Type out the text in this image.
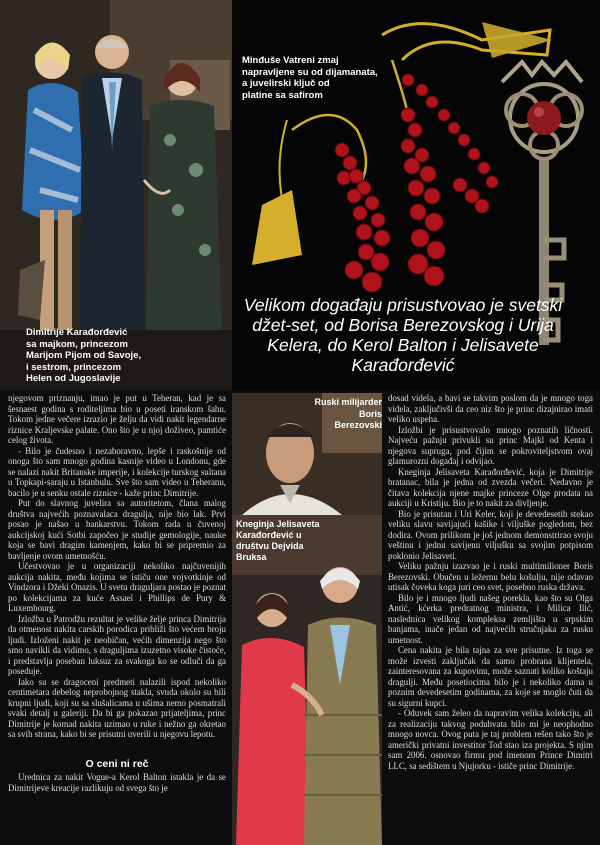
Dimitrije Karađorđević
sa majkom, princezom
Marijom Pijom od Savoje,
i sestrom, princezom
Helen od Jugoslavije
Minđuše Vatreni zmaj
napravljene su od dijamanata,
a juvelirski ključ od
platine sa safirom
Velikom događaju prisustvovao je svetski džet-set, od Borisa Berezovskog i Urija Kelera, do Kerol Balton i Jelisavete Karađorđević

njegovom priznanju, imao je put u Teheran, kad je sa šesnaest godina s roditeljima bio u poseti iranskom šahu. Tokom jedne večere izrazio je želju da vidi nakit legendarne riznice Kraljevske palate. Ono što je u njoj doživeo, pamtiće celog života.

- Bilo je čudesno i nezaboravno, lepše i raskošnije od onoga što sam mnogo godina kasnije video u Londonu, gde se nalazi nakit Britanske imperije, i kolekcije turskog sultana u Topkapi-saraju u Istanbulu. Sve što sam video u Teheranu, bacilo je u senku ostale riznice - kaže princ Dimitrije.

Put do slavnog juvelira sa autoritetom, člana malog društva najvećih poznavalaca dragulja, nije bio lak. Prvi posao je našao u bankarstvu. Tokom rada u čuvenoj aukcijskoj kući Sotbi započeo je studije gemologije, nauke koja se bavi dragim kamenjem, kako bi se pripremio za bavljenje ovom umetnošću.

Učestvovao je u organizaciji nekoliko najčuvenijih aukcija nakita, među kojima se ističu one vojvotkinje od Vindzora i Džeki Onazis. U svetu draguljara postao je poznat po kolekcijama za kuće Assael i Phillips de Pury & Luxembourg.

Izložba u Patrodžu rezultat je velike želje princa Dimitrija da otmenost nakita carskih porodica približi što većem broju ljudi. Izloženi nakit je neobičan, većih dimenzija nego što smo navikli da vidimo, s draguljima izuzetno visoke čistoće, i predstavlja poseban luksuz za svakoga ko se odluči da ga poseduje.

Iako su se dragoceni predmeti nalazili ispod nekoliko centimetara debelog neprobojnog stakla, svuda okolo su bili krupni ljudi, koji su sa slušalicama u ušima nemo posmatrali svaki detalj u galeriji. Da bi ga pokazao prijateljima, princ Dimitrije je komad nakita uzimao u ruke i nežno ga okretao sa svih strana, kako bi se prisutni uverili u njegovu lepotu.

O ceni ni reč

Urednica za nakit Vogue-a Kerol Balton istakla je da se Dimitrijeve kreacije razlikuju od svega što je

Ruski milijarder
Boris Berezovski
Kneginja Jelisaveta
Karađorđević u
društvu Dejvida
Bruksa

dosad videla, a bavi se takvim poslom da je mnogo toga videla, zaključivši da ceo niz što je princ dizajnirao imati veliko uspeha.

Izložbi je prisustvovalo mnogo poznatih ličnosti. Najveću pažnju privukli su princ Majkl od Kenta i njegova supruga, pod čijim se pokroviteljstvom ovaj glamurozni događaj i odvijao.

Kneginja Jelisaveta Karađorđević, koja je Dimitrije bratanac, bila je jedna od zvezda večeri. Nedavno je čitava kolekcija njene majke princeze Olge prodata na aukciji u Kristiju. Bio je to nakit za divljenje.

Bio je prisutan i Uri Keler, koji je devedesetih stekao veliku slavu savijajući kašike i viljuške pogledom, bez dodira. Ovom prilikom je još jednom demonstrirao svoju veštinu i jednu savijenu viljušku sa svojim potpisom poklonio Jelisaveti.

Veliku pažnju izazvao je i ruski multimilioner Boris Berezovski. Obučen u ležernu belu košulju, nije odavao utisak čoveka koga juri ceo svet, posebno ruska država.

Bilo je i mnogo ljudi našeg porekla, kao što su Olga Antić, kćerka predratnog ministra, i Milica Ilić, naslednica velikog kompleksa zemljišta u srpskim banjama, inače jedan od najvećih stručnjaka za rusku umetnost.

Cena nakita je bila tajna za sve prisutne. Iz toga se može izvesti zaključak da samo probrana klijentela, zainteresovana za kupovinu, može saznati koliko koštaju dragulji. Među posetiocima bilo je i nekoliko dama u poznim devedesetim godinama, za koje se moglo čuti da su sigurni kupci.

- Oduvek sam želeo da napravim velika kolekciju, ali za realizaciju takvog poduhvata bilo mi je neophodno mnogo novca. Ovog puta je taj problem rešen tako što je američki privatni investitor Tod stao iza projekta. S njim sam 2006. osnovao firmu pod imenom Prince Dimitri LLC, sa sedištem u Njujorku - ističe princ Dimitrije.
